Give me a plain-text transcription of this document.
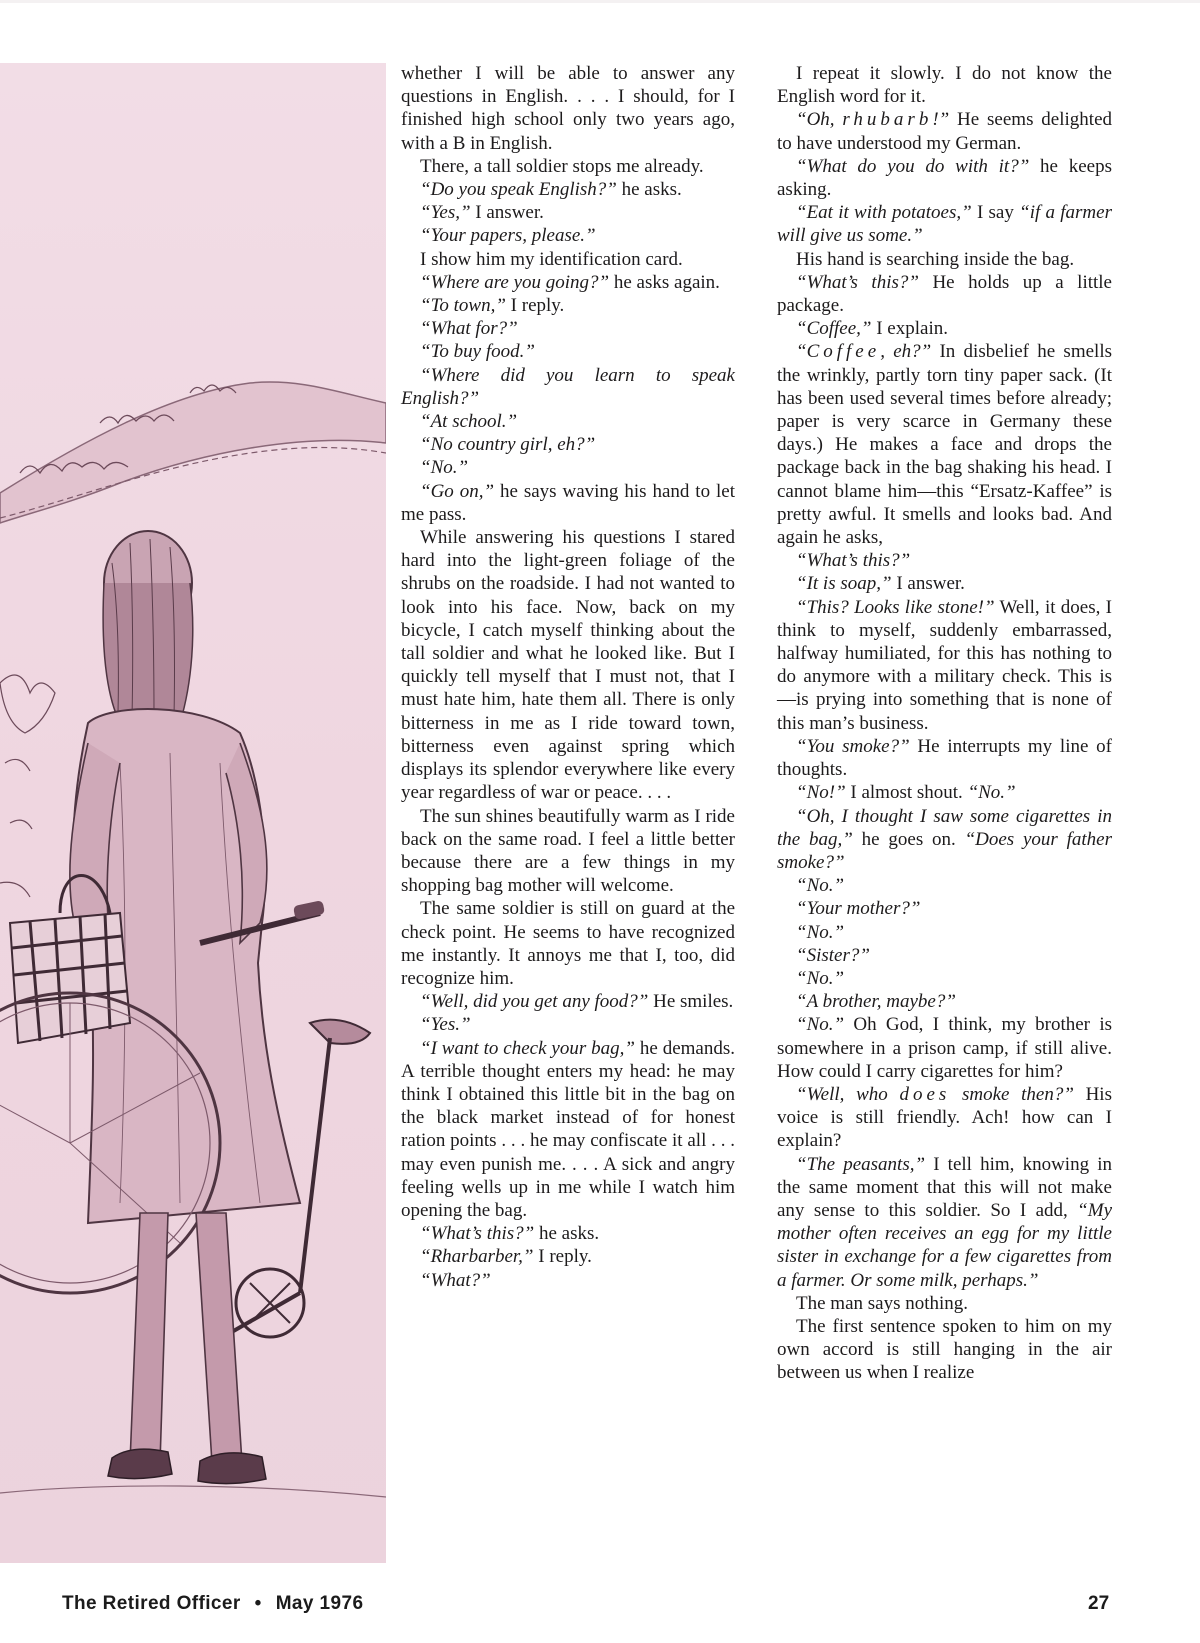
whether I will be able to answer any questions in English. . . . I should, for I finished high school only two years ago, with a B in English.

There, a tall soldier stops me already.

“Do you speak English?” he asks.

“Yes,” I answer.

“Your papers, please.”

I show him my identification card.

“Where are you going?” he asks again.

“To town,” I reply.

“What for?”

“To buy food.”

“Where did you learn to speak English?”

“At school.”

“No country girl, eh?”

“No.”

“Go on,” he says waving his hand to let me pass.

While answering his questions I stared hard into the light-green foliage of the shrubs on the roadside. I had not wanted to look into his face. Now, back on my bicycle, I catch myself thinking about the tall soldier and what he looked like. But I quickly tell myself that I must not, that I must hate him, hate them all. There is only bitterness in me as I ride toward town, bitterness even against spring which displays its splendor everywhere like every year regardless of war or peace. . . .

The sun shines beautifully warm as I ride back on the same road. I feel a little better because there are a few things in my shopping bag mother will welcome.

The same soldier is still on guard at the check point. He seems to have recognized me instantly. It annoys me that I, too, did recognize him.

“Well, did you get any food?” He smiles.

“Yes.”

“I want to check your bag,” he demands. A terrible thought enters my head: he may think I obtained this little bit in the bag on the black market instead of for honest ration points . . . he may confiscate it all . . . may even punish me. . . . A sick and angry feeling wells up in me while I watch him opening the bag.

“What’s this?” he asks.

“Rharbarber,” I reply.

“What?”

I repeat it slowly. I do not know the English word for it.

“Oh, rhubarb!” He seems delighted to have understood my German.

“What do you do with it?” he keeps asking.

“Eat it with potatoes,” I say “if a farmer will give us some.”

His hand is searching inside the bag.

“What’s this?” He holds up a little package.

“Coffee,” I explain.

“Coffee, eh?” In disbelief he smells the wrinkly, partly torn tiny paper sack. (It has been used several times before already; paper is very scarce in Germany these days.) He makes a face and drops the package back in the bag shaking his head. I cannot blame him—this “Ersatz-Kaffee” is pretty awful. It smells and looks bad. And again he asks,

“What’s this?”

“It is soap,” I answer.

“This? Looks like stone!” Well, it does, I think to myself, suddenly embarrassed, halfway humiliated, for this has nothing to do anymore with a military check. This is—is prying into something that is none of this man’s business.

“You smoke?” He interrupts my line of thoughts.

“No!” I almost shout. “No.”

“Oh, I thought I saw some cigarettes in the bag,” he goes on. “Does your father smoke?”

“No.”

“Your mother?”

“No.”

“Sister?”

“No.”

“A brother, maybe?”

“No.” Oh God, I think, my brother is somewhere in a prison camp, if still alive. How could I carry cigarettes for him?

“Well, who does smoke then?” His voice is still friendly. Ach! how can I explain?

“The peasants,” I tell him, knowing in the same moment that this will not make any sense to this soldier. So I add, “My mother often receives an egg for my little sister in exchange for a few cigarettes from a farmer. Or some milk, perhaps.”

The man says nothing.

The first sentence spoken to him on my own accord is still hanging in the air between us when I realize

The Retired Officer • May 1976	27
